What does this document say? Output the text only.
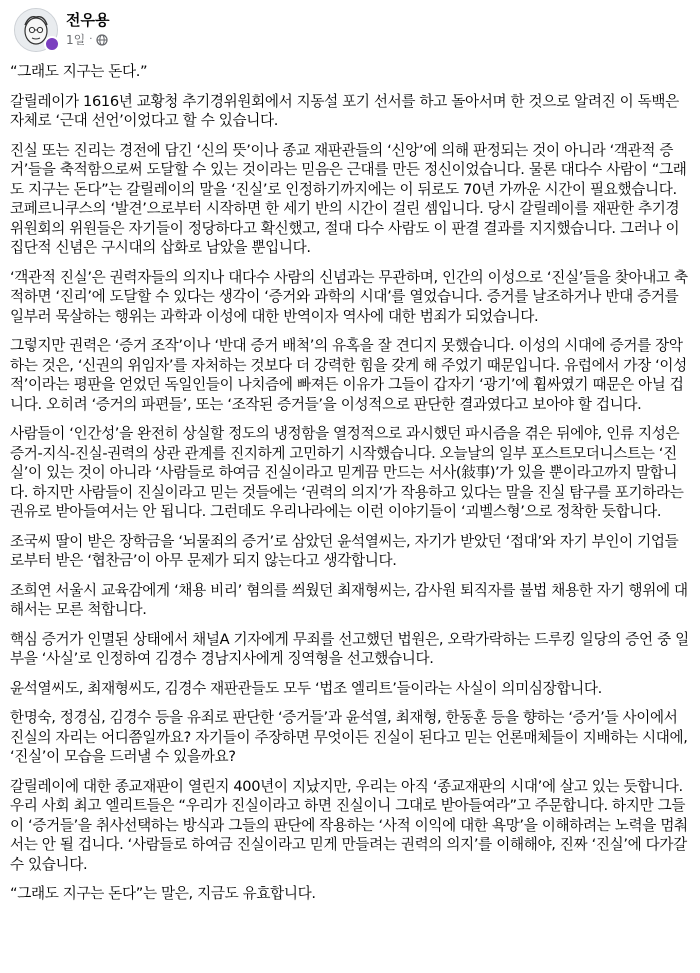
전우용
1일 ·

“그래도 지구는 돈다.”

갈릴레이가 1616년 교황청 추기경위원회에서 지동설 포기 선서를 하고 돌아서며 한 것으로 알려진 이 독백은 자체로 ‘근대 선언’이었다고 할 수 있습니다.

진실 또는 진리는 경전에 담긴 ‘신의 뜻’이나 종교 재판관들의 ‘신앙’에 의해 판정되는 것이 아니라 ‘객관적 증거’들을 축적함으로써 도달할 수 있는 것이라는 믿음은 근대를 만든 정신이었습니다. 물론 대다수 사람이 “그래도 지구는 돈다”는 갈릴레이의 말을 ‘진실’로 인정하기까지에는 이 뒤로도 70년 가까운 시간이 필요했습니다. 코페르니쿠스의 ‘발견’으로부터 시작하면 한 세기 반의 시간이 걸린 셈입니다. 당시 갈릴레이를 재판한 추기경위원회의 위원들은 자기들이 정당하다고 확신했고, 절대 다수 사람도 이 판결 결과를 지지했습니다. 그러나 이 집단적 신념은 구시대의 삽화로 남았을 뿐입니다.

‘객관적 진실’은 권력자들의 의지나 대다수 사람의 신념과는 무관하며, 인간의 이성으로 ‘진실’들을 찾아내고 축적하면 ‘진리’에 도달할 수 있다는 생각이 ‘증거와 과학의 시대’를 열었습니다. 증거를 날조하거나 반대 증거를 일부러 묵살하는 행위는 과학과 이성에 대한 반역이자 역사에 대한 범죄가 되었습니다.

그렇지만 권력은 ‘증거 조작’이나 ‘반대 증거 배척’의 유혹을 잘 견디지 못했습니다. 이성의 시대에 증거를 장악하는 것은, ‘신권의 위임자’를 자처하는 것보다 더 강력한 힘을 갖게 해 주었기 때문입니다. 유럽에서 가장 ‘이성적’이라는 평판을 얻었던 독일인들이 나치즘에 빠져든 이유가 그들이 갑자기 ‘광기’에 휩싸였기 때문은 아닐 겁니다. 오히려 ‘증거의 파편들’, 또는 ‘조작된 증거들’을 이성적으로 판단한 결과였다고 보아야 할 겁니다.

사람들이 ‘인간성’을 완전히 상실할 정도의 냉정함을 열정적으로 과시했던 파시즘을 겪은 뒤에야, 인류 지성은 증거-지식-진실-권력의 상관 관계를 진지하게 고민하기 시작했습니다. 오늘날의 일부 포스트모더니스트는 ‘진실’이 있는 것이 아니라 ‘사람들로 하여금 진실이라고 믿게끔 만드는 서사(敍事)’가 있을 뿐이라고까지 말합니다. 하지만 사람들이 진실이라고 믿는 것들에는 ‘권력의 의지’가 작용하고 있다는 말을 진실 탐구를 포기하라는 권유로 받아들여서는 안 됩니다. 그런데도 우리나라에는 이런 이야기들이 ‘괴벨스형’으로 정착한 듯합니다.

조국씨 딸이 받은 장학금을 ‘뇌물죄의 증거’로 삼았던 윤석열씨는, 자기가 받았던 ‘접대’와 자기 부인이 기업들로부터 받은 ‘협찬금’이 아무 문제가 되지 않는다고 생각합니다.

조희연 서울시 교육감에게 ‘채용 비리’ 혐의를 씌웠던 최재형씨는, 감사원 퇴직자를 불법 채용한 자기 행위에 대해서는 모른 척합니다.

핵심 증거가 인멸된 상태에서 채널A 기자에게 무죄를 선고했던 법원은, 오락가락하는 드루킹 일당의 증언 중 일부을 ‘사실’로 인정하여 김경수 경남지사에게 징역형을 선고했습니다.

윤석열씨도, 최재형씨도, 김경수 재판관들도 모두 ‘법조 엘리트’들이라는 사실이 의미심장합니다.

한명숙, 정경심, 김경수 등을 유죄로 판단한 ‘증거들’과 윤석열, 최재형, 한동훈 등을 향하는 ‘증거’들 사이에서 진실의 자리는 어디쯤일까요? 자기들이 주장하면 무엇이든 진실이 된다고 믿는 언론매체들이 지배하는 시대에, ‘진실’이 모습을 드러낼 수 있을까요?

갈릴레이에 대한 종교재판이 열린지 400년이 지났지만, 우리는 아직 ‘종교재판의 시대’에 살고 있는 듯합니다. 우리 사회 최고 엘리트들은 “우리가 진실이라고 하면 진실이니 그대로 받아들여라”고 주문합니다. 하지만 그들이 ‘증거들’을 취사선택하는 방식과 그들의 판단에 작용하는 ‘사적 이익에 대한 욕망’을 이해하려는 노력을 멈춰서는 안 될 겁니다. ‘사람들로 하여금 진실이라고 믿게 만들려는 권력의 의지’를 이해해야, 진짜 ‘진실’에 다가갈 수 있습니다.

“그래도 지구는 돈다”는 말은, 지금도 유효합니다.
